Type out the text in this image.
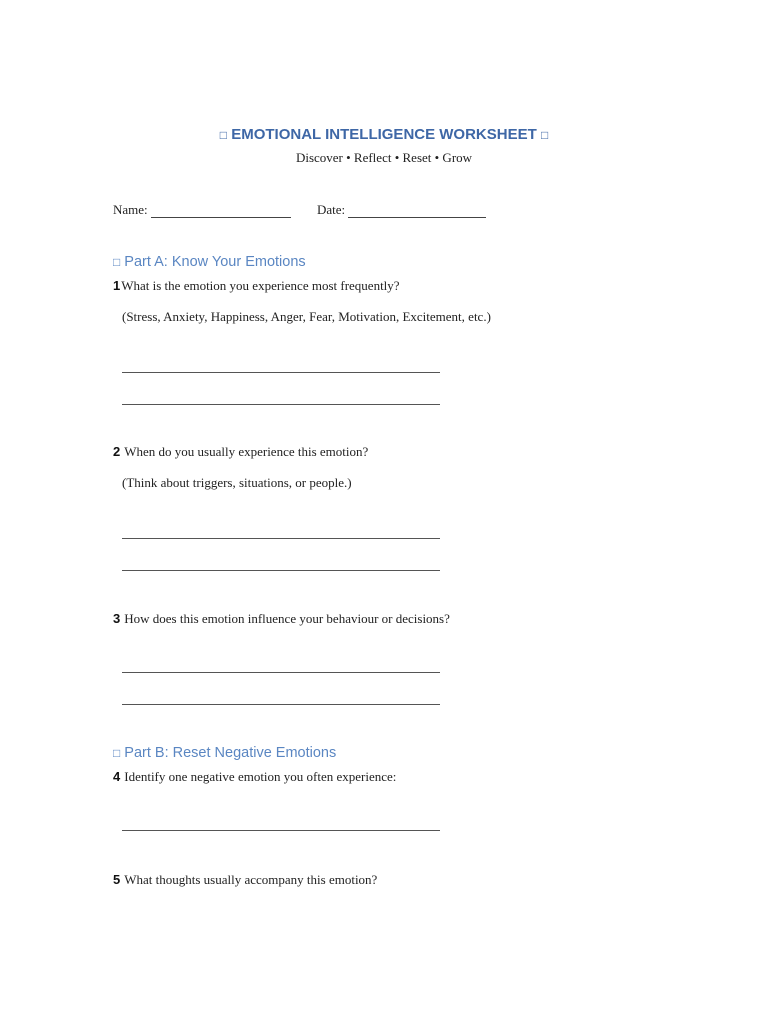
□ EMOTIONAL INTELLIGENCE WORKSHEET □
Discover • Reflect • Reset • Grow
Name:	Date:
□ Part A: Know Your Emotions
1What is the emotion you experience most frequently?
(Stress, Anxiety, Happiness, Anger, Fear, Motivation, Excitement, etc.)
2 When do you usually experience this emotion?
(Think about triggers, situations, or people.)
3 How does this emotion influence your behaviour or decisions?
□ Part B: Reset Negative Emotions
4 Identify one negative emotion you often experience:
5 What thoughts usually accompany this emotion?
